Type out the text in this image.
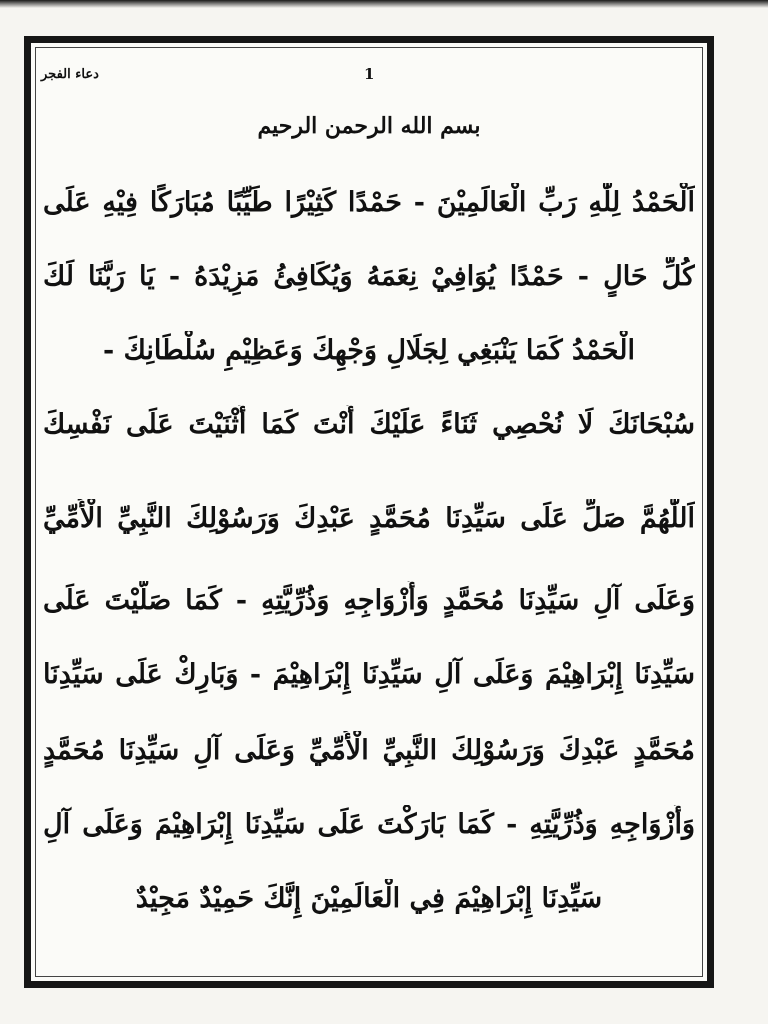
دعاء الفجر	1
بسم الله الرحمن الرحيم
اَلْحَمْدُ لِلّٰهِ رَبِّ الْعَالَمِيْنَ - حَمْدًا كَثِيْرًا طَيِّبًا مُبَارَكًا فِيْهِ عَلَى
كُلِّ حَالٍ - حَمْدًا يُوَافِيْ نِعَمَهُ وَيُكَافِئُ مَزِيْدَهُ - يَا رَبَّنَا لَكَ
الْحَمْدُ كَمَا يَنْبَغِي لِجَلَالِ وَجْهِكَ وَعَظِيْمِ سُلْطَانِكَ -
سُبْحَانَكَ لَا نُحْصِي ثَنَاءً عَلَيْكَ أَنْتَ كَمَا أَثْنَيْتَ عَلَى نَفْسِكَ
اَللّٰهُمَّ صَلِّ عَلَى سَيِّدِنَا مُحَمَّدٍ عَبْدِكَ وَرَسُوْلِكَ النَّبِيِّ الْأُمِّيِّ
وَعَلَى آلِ سَيِّدِنَا مُحَمَّدٍ وَأَزْوَاجِهِ وَذُرِّيَّتِهِ - كَمَا صَلَّيْتَ عَلَى
سَيِّدِنَا إِبْرَاهِيْمَ وَعَلَى آلِ سَيِّدِنَا إِبْرَاهِيْمَ - وَبَارِكْ عَلَى سَيِّدِنَا
مُحَمَّدٍ عَبْدِكَ وَرَسُوْلِكَ النَّبِيِّ الْأُمِّيِّ وَعَلَى آلِ سَيِّدِنَا مُحَمَّدٍ
وَأَزْوَاجِهِ وَذُرِّيَّتِهِ - كَمَا بَارَكْتَ عَلَى سَيِّدِنَا إِبْرَاهِيْمَ وَعَلَى آلِ
سَيِّدِنَا إِبْرَاهِيْمَ فِي الْعَالَمِيْنَ إِنَّكَ حَمِيْدٌ مَجِيْدٌ
